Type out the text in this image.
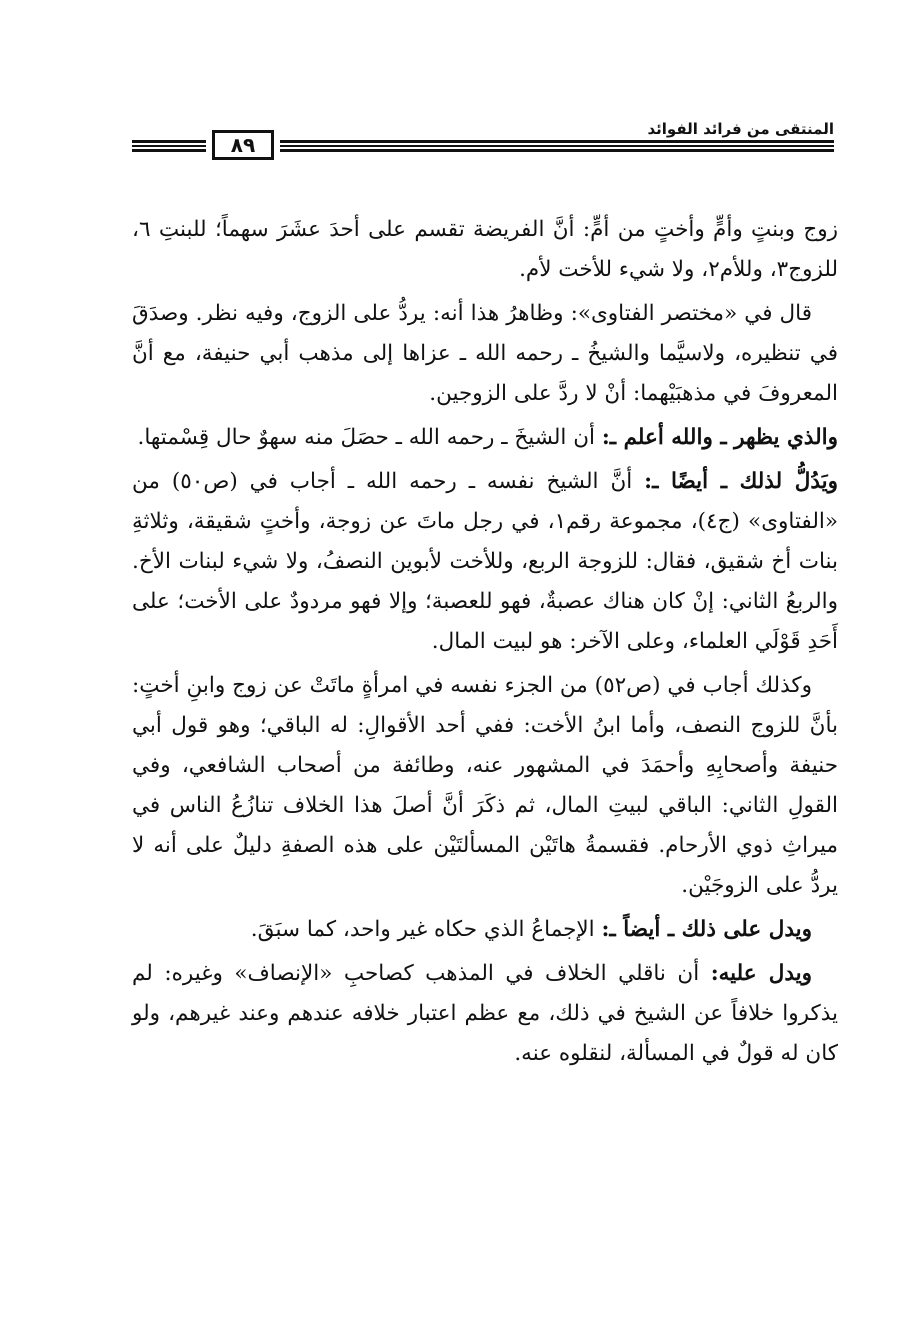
٨٩
المنتقى من فرائد الفوائد

زوج وبنتٍ وأمٍّ وأختٍ من أمٍّ: أنَّ الفريضة تقسم على أحدَ عشَرَ سهماً؛ للبنتِ ٦، للزوج٣، وللأم٢، ولا شيء للأخت لأم.

قال في «مختصر الفتاوى»: وظاهرُ هذا أنه: يردُّ على الزوج، وفيه نظر. وصدَقَ في تنظيره، ولاسيَّما والشيخُ ـ رحمه الله ـ عزاها إلى مذهب أبي حنيفة، مع أنَّ المعروفَ في مذهبَيْهما: أنْ لا ردَّ على الزوجين.

والذي يظهر ـ والله أعلم ـ: أن الشيخَ ـ رحمه الله ـ حصَلَ منه سهوٌ حال قِسْمتها.

ويَدُلُّ لذلك ـ أيضًا ـ: أنَّ الشيخ نفسه ـ رحمه الله ـ أجاب في (ص٥٠) من «الفتاوى» (ج٤)، مجموعة رقم١، في رجل ماتَ عن زوجة، وأختٍ شقيقة، وثلاثةِ بنات أخ شقيق، فقال: للزوجة الربع، وللأخت لأبوين النصفُ، ولا شيء لبنات الأخ. والربعُ الثاني: إنْ كان هناك عصبةٌ، فهو للعصبة؛ وإلا فهو مردودٌ على الأخت؛ على أَحَدِ قَوْلَي العلماء، وعلى الآخر: هو لبيت المال.

وكذلك أجاب في (ص٥٢) من الجزء نفسه في امرأةٍ ماتَتْ عن زوج وابنِ أختٍ: بأنَّ للزوج النصف، وأما ابنُ الأخت: ففي أحد الأقوالِ: له الباقي؛ وهو قول أبي حنيفة وأصحابِهِ وأحمَدَ في المشهور عنه، وطائفة من أصحاب الشافعي، وفي القولِ الثاني: الباقي لبيتِ المال، ثم ذكَرَ أنَّ أصلَ هذا الخلاف تنازُعُ الناس في ميراثِ ذوي الأرحام. فقسمةُ هاتَيْن المسألتَيْن على هذه الصفةِ دليلٌ على أنه لا يردُّ على الزوجَيْن.

ويدل على ذلك ـ أيضاً ـ: الإجماعُ الذي حكاه غير واحد، كما سبَقَ.

ويدل عليه: أن ناقلي الخلاف في المذهب كصاحبِ «الإنصاف» وغيره: لم يذكروا خلافاً عن الشيخ في ذلك، مع عظم اعتبار خلافه عندهم وعند غيرهم، ولو كان له قولٌ في المسألة، لنقلوه عنه.
